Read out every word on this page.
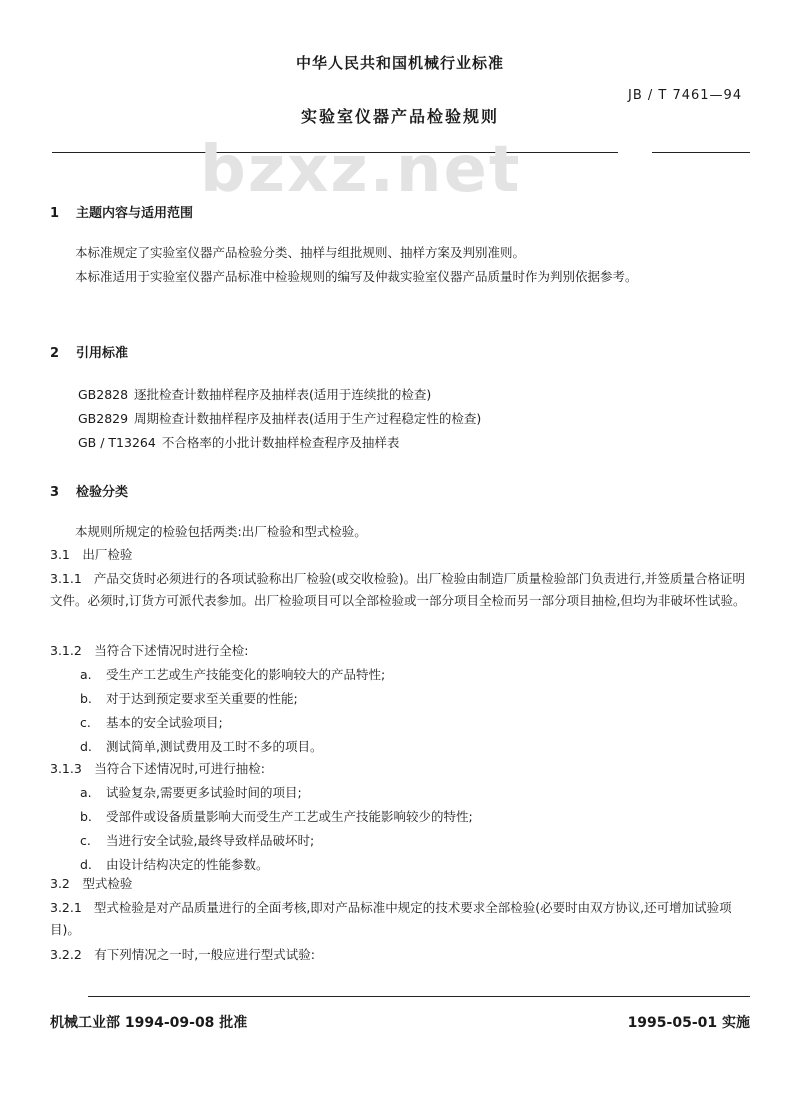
中华人民共和国机械行业标准
JB / T 7461—94
实验室仪器产品检验规则
bzxz.net
1 主题内容与适用范围
本标准规定了实验室仪器产品检验分类、抽样与组批规则、抽样方案及判别准则。
本标准适用于实验室仪器产品标准中检验规则的编写及仲裁实验室仪器产品质量时作为判别依据参考。
2 引用标准
GB2828 逐批检查计数抽样程序及抽样表(适用于连续批的检查)
GB2829 周期检查计数抽样程序及抽样表(适用于生产过程稳定性的检查)
GB / T13264 不合格率的小批计数抽样检查程序及抽样表
3 检验分类
本规则所规定的检验包括两类:出厂检验和型式检验。
3.1　出厂检验
3.1.1 产品交货时必须进行的各项试验称出厂检验(或交收检验)。出厂检验由制造厂质量检验部门负责进行,并签质量合格证明文件。必须时,订货方可派代表参加。出厂检验项目可以全部检验或一部分项目全检而另一部分项目抽检,但均为非破坏性试验。
3.1.2　当符合下述情况时进行全检:
a. 受生产工艺或生产技能变化的影响较大的产品特性;
b. 对于达到预定要求至关重要的性能;
c. 基本的安全试验项目;
d. 测试简单,测试费用及工时不多的项目。
3.1.3　当符合下述情况时,可进行抽检:
a. 试验复杂,需要更多试验时间的项目;
b. 受部件或设备质量影响大而受生产工艺或生产技能影响较少的特性;
c. 当进行安全试验,最终导致样品破坏时;
d. 由设计结构决定的性能参数。
3.2　型式检验
3.2.1 型式检验是对产品质量进行的全面考核,即对产品标准中规定的技术要求全部检验(必要时由双方协议,还可增加试验项目)。
3.2.2　有下列情况之一时,一般应进行型式试验:
机械工业部 1994-09-08 批准	1995-05-01 实施
